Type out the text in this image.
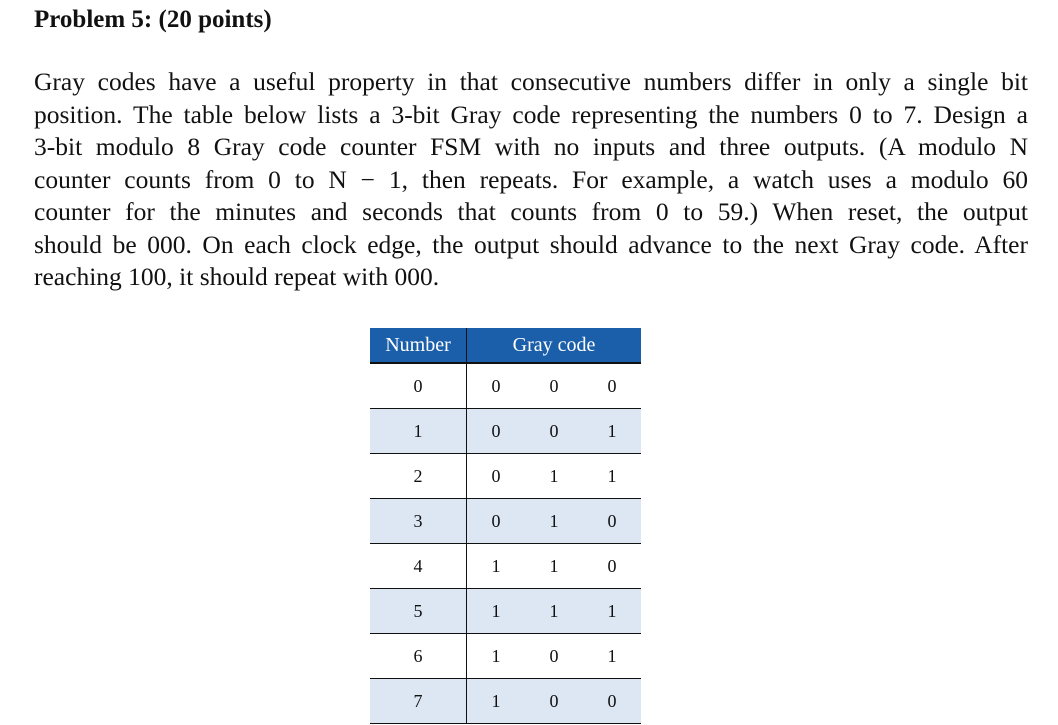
Problem 5: (20 points)

Gray codes have a useful property in that consecutive numbers differ in only a single bit
position. The table below lists a 3-bit Gray code representing the numbers 0 to 7. Design a
3-bit modulo 8 Gray code counter FSM with no inputs and three outputs. (A modulo N
counter counts from 0 to N − 1, then repeats. For example, a watch uses a modulo 60
counter for the minutes and seconds that counts from 0 to 59.) When reset, the output
should be 000. On each clock edge, the output should advance to the next Gray code. After
reaching 100, it should repeat with 000.

Number	Gray code		
0	0	0	0
1	0	0	1
2	0	1	1
3	0	1	0
4	1	1	0
5	1	1	1
6	1	0	1
7	1	0	0
